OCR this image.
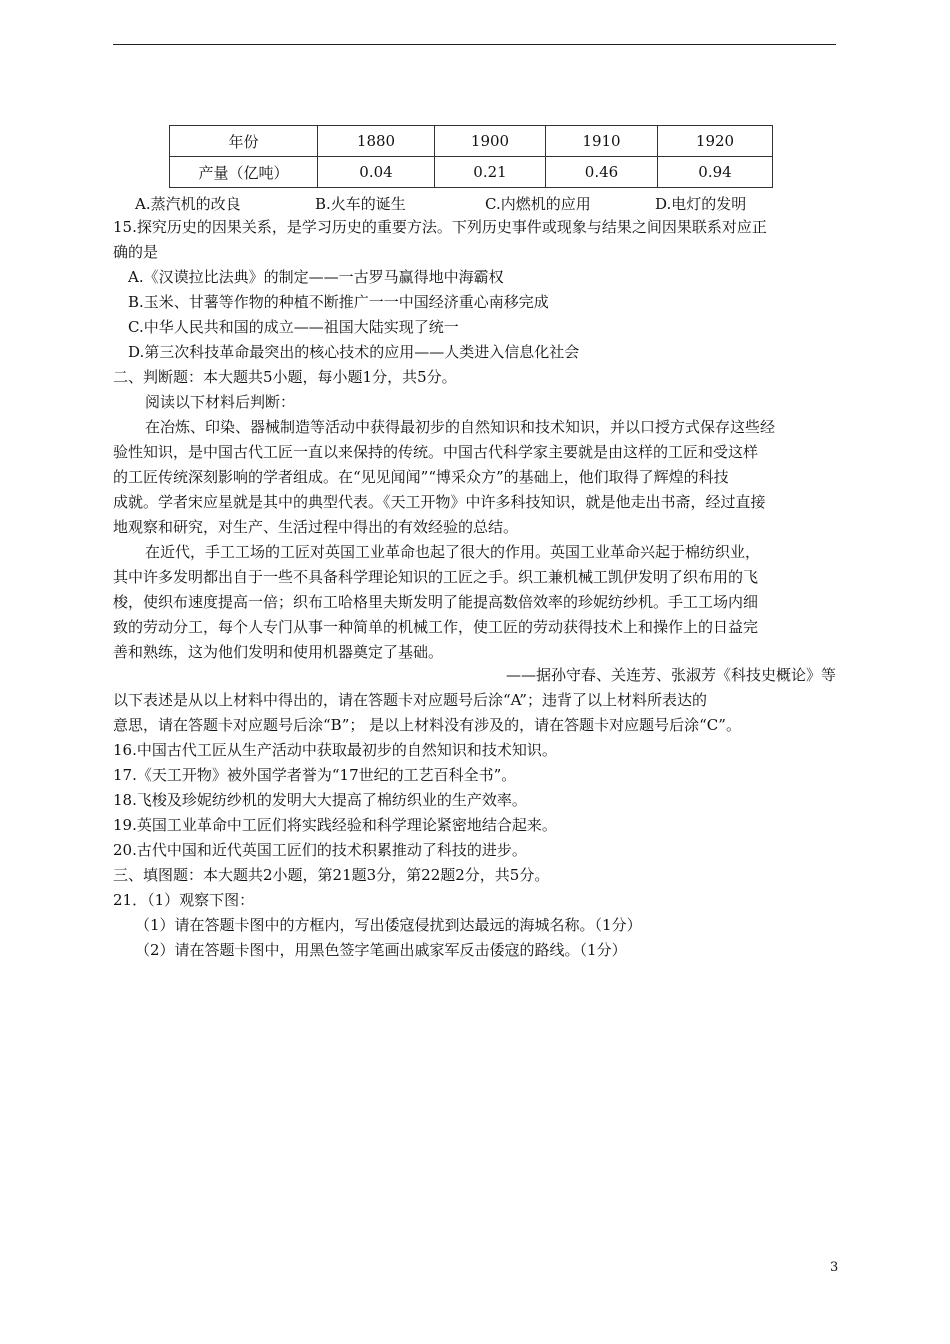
年份	1880	1900	1910	1920
产量（亿吨）	0.04	0.21	0.46	0.94
A.蒸汽机的改良	B.火车的诞生	C.内燃机的应用	D.电灯的发明
15.探究历史的因果关系，是学习历史的重要方法。下列历史事件或现象与结果之间因果联系对应正
确的是
A.《汉谟拉比法典》的制定——一古罗马赢得地中海霸权
B.玉米、甘薯等作物的种植不断推广一一中国经济重心南移完成
C.中华人民共和国的成立——祖国大陆实现了统一
D.第三次科技革命最突出的核心技术的应用——人类进入信息化社会
二、判断题：本大题共5小题，每小题1分，共5分。
阅读以下材料后判断：
在冶炼、印染、器械制造等活动中获得最初步的自然知识和技术知识，并以口授方式保存这些经
验性知识，是中国古代工匠一直以来保持的传统。中国古代科学家主要就是由这样的工匠和受这样
的工匠传统深刻影响的学者组成。在“见见闻闻”“博采众方”的基础上，他们取得了辉煌的科技
成就。学者宋应星就是其中的典型代表。《天工开物》中许多科技知识，就是他走出书斋，经过直接
地观察和研究，对生产、生活过程中得出的有效经验的总结。
在近代，手工工场的工匠对英国工业革命也起了很大的作用。英国工业革命兴起于棉纺织业，
其中许多发明都出自于一些不具备科学理论知识的工匠之手。织工兼机械工凯伊发明了织布用的飞
梭，使织布速度提高一倍；织布工哈格里夫斯发明了能提高数倍效率的珍妮纺纱机。手工工场内细
致的劳动分工，每个人专门从事一种简单的机械工作，使工匠的劳动获得技术上和操作上的日益完
善和熟练，这为他们发明和使用机器奠定了基础。
——据孙守春、关连芳、张淑芳《科技史概论》等
以下表述是从以上材料中得出的，请在答题卡对应题号后涂“A”；违背了以上材料所表达的
意思，请在答题卡对应题号后涂“B”； 是以上材料没有涉及的，请在答题卡对应题号后涂“C”。
16.中国古代工匠从生产活动中获取最初步的自然知识和技术知识。
17.《天工开物》被外国学者誉为“17世纪的工艺百科全书”。
18.飞梭及珍妮纺纱机的发明大大提高了棉纺织业的生产效率。
19.英国工业革命中工匠们将实践经验和科学理论紧密地结合起来。
20.古代中国和近代英国工匠们的技术积累推动了科技的进步。
三、填图题：本大题共2小题，第21题3分，第22题2分，共5分。
21．（1）观察下图：
（1）请在答题卡图中的方框内，写出倭寇侵扰到达最远的海城名称。（1分）
（2）请在答题卡图中，用黑色签字笔画出戚家军反击倭寇的路线。（1分）
3
